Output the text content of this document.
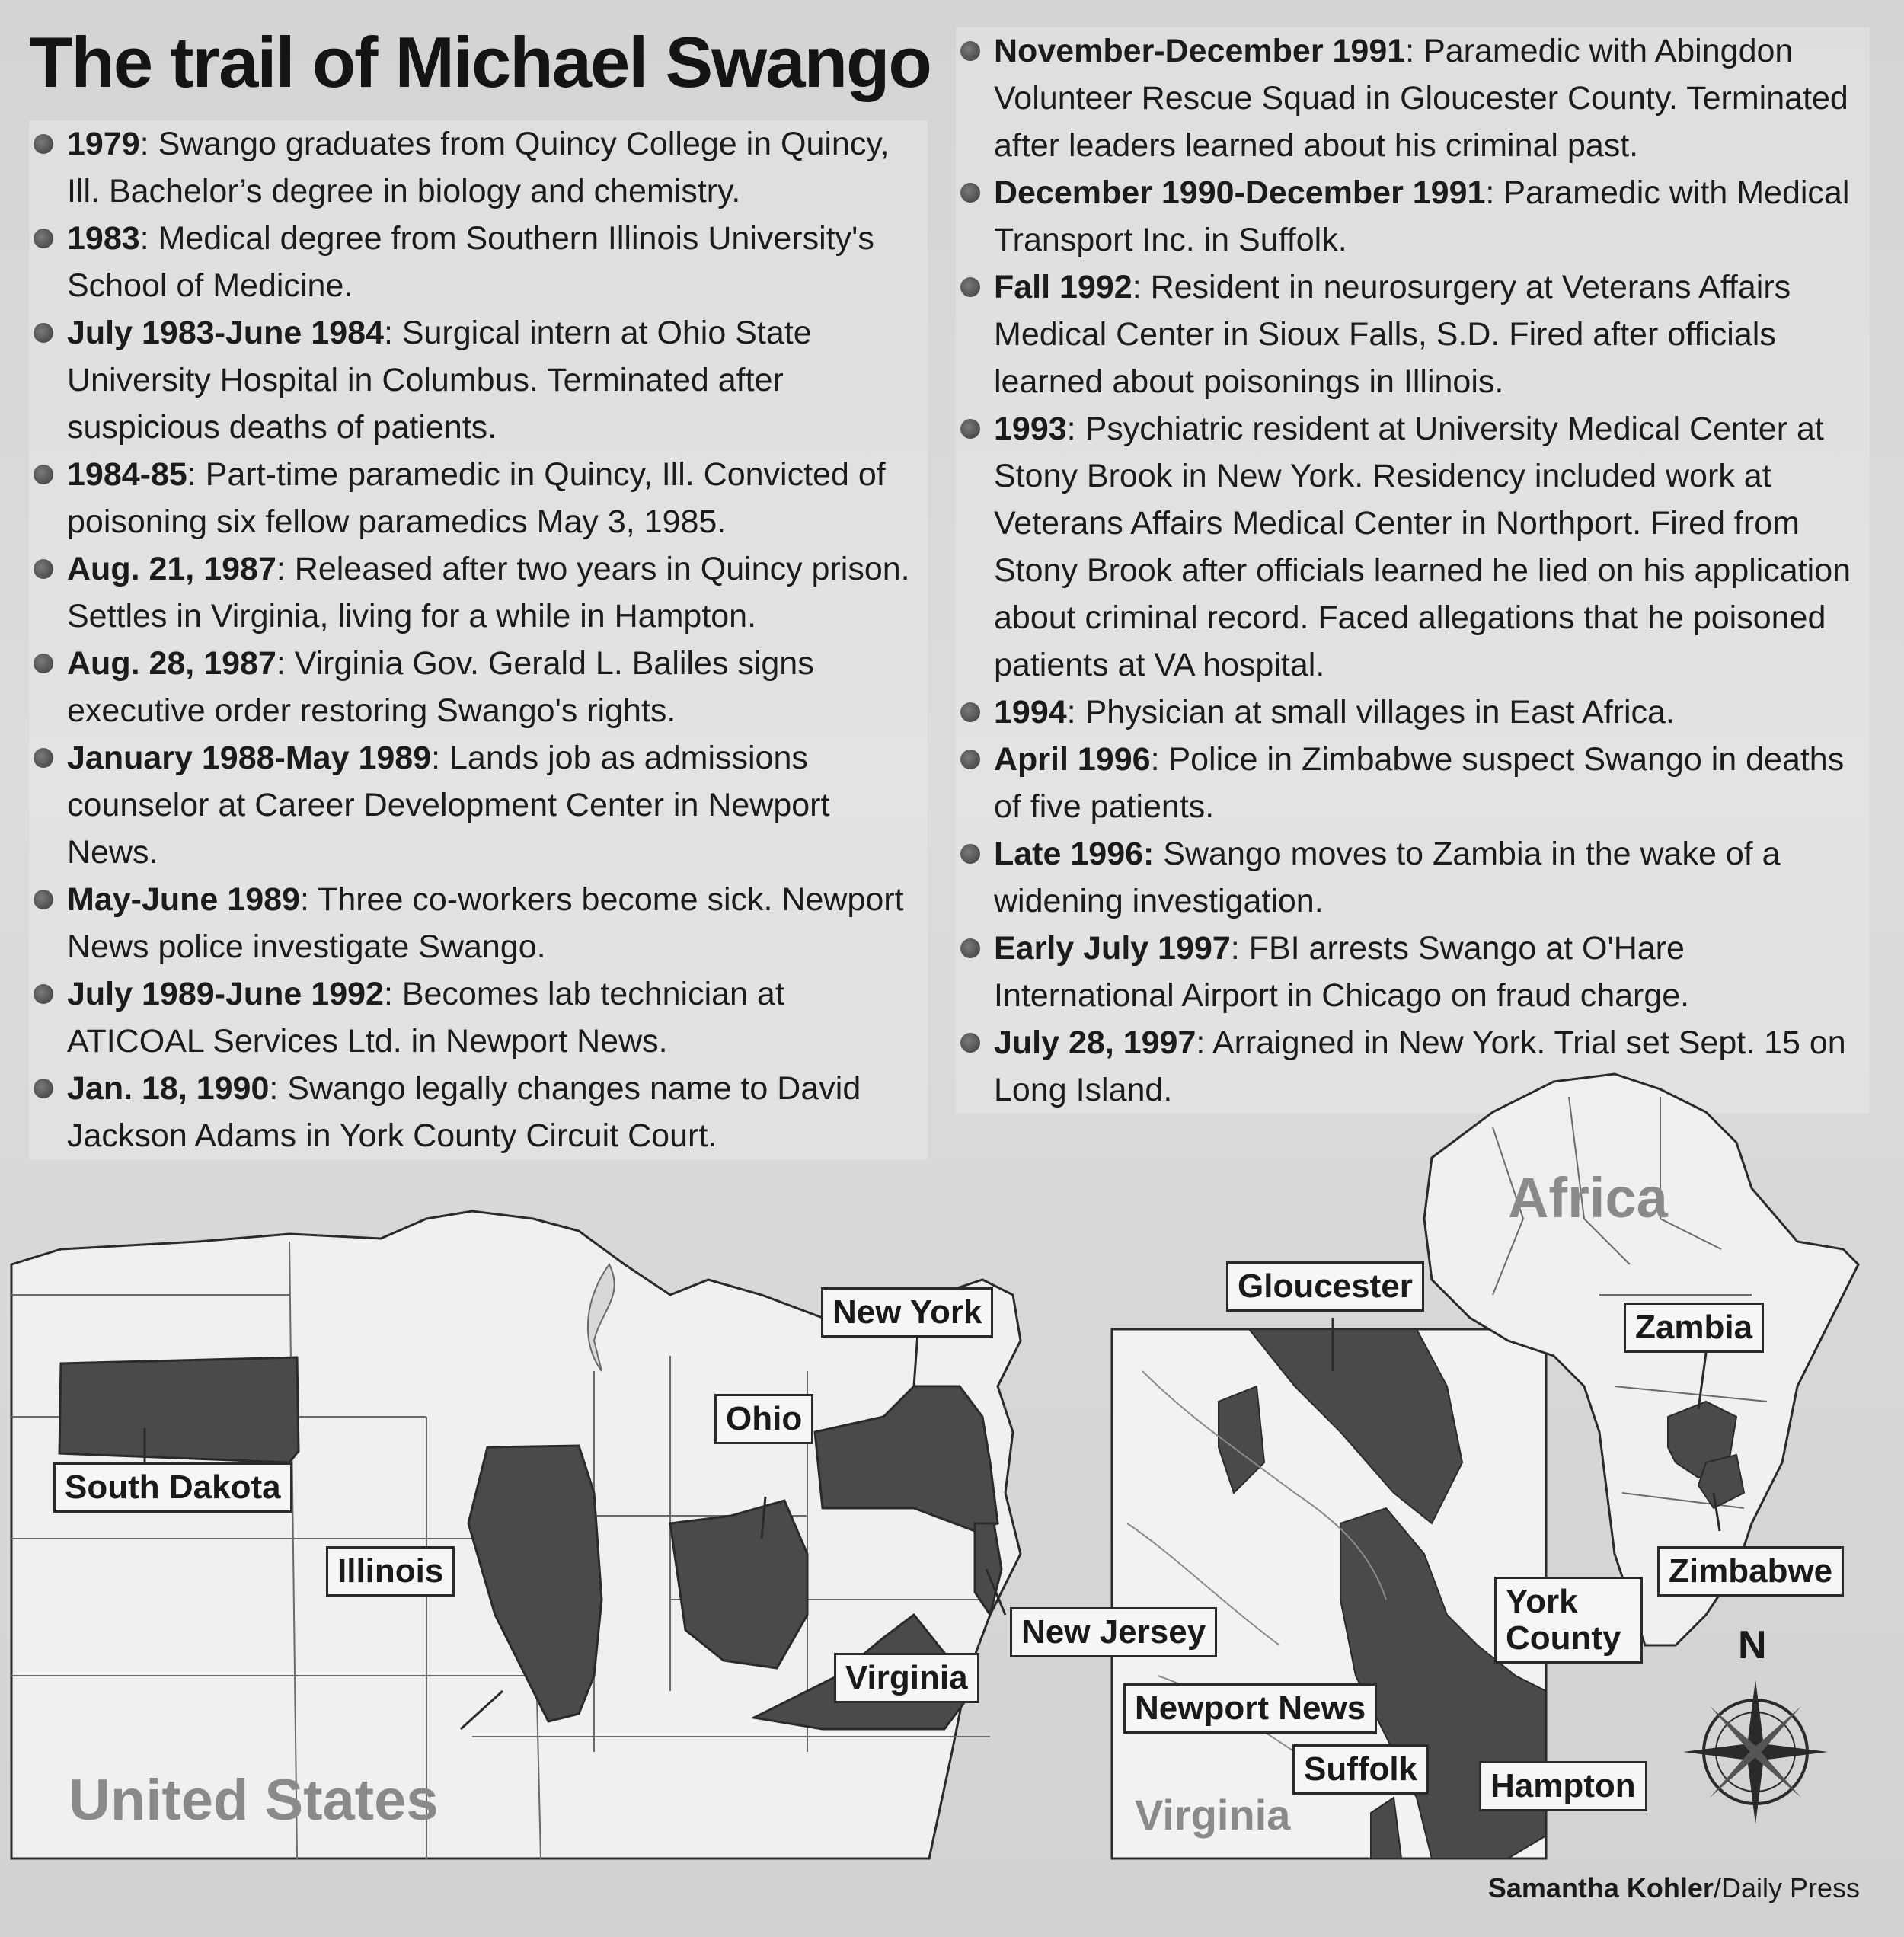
The trail of Michael Swango
1979: Swango graduates from Quincy College in Quincy, Ill. Bachelor’s degree in biology and chemistry.
1983: Medical degree from Southern Illinois University's School of Medicine.
July 1983-June 1984: Surgical intern at Ohio State University Hospital in Columbus. Terminated after suspicious deaths of patients.
1984-85: Part-time paramedic in Quincy, Ill. Convicted of poisoning six fellow paramedics May 3, 1985.
Aug. 21, 1987: Released after two years in Quincy prison. Settles in Virginia, living for a while in Hampton.
Aug. 28, 1987: Virginia Gov. Gerald L. Baliles signs executive order restoring Swango's rights.
January 1988-May 1989: Lands job as admissions counselor at Career Development Center in Newport News.
May-June 1989: Three co-workers become sick. Newport News police investigate Swango.
July 1989-June 1992: Becomes lab technician at ATICOAL Services Ltd. in Newport News.
Jan. 18, 1990: Swango legally changes name to David Jackson Adams in York County Circuit Court.
November-December 1991: Paramedic with Abingdon Volunteer Rescue Squad in Gloucester County. Terminated after leaders learned about his criminal past.
December 1990-December 1991: Paramedic with Medical Transport Inc. in Suffolk.
Fall 1992: Resident in neurosurgery at Veterans Affairs Medical Center in Sioux Falls, S.D. Fired after officials learned about poisonings in Illinois.
1993: Psychiatric resident at University Medical Center at Stony Brook in New York. Residency included work at Veterans Affairs Medical Center in Northport. Fired from Stony Brook after officials learned he lied on his application about criminal record. Faced allegations that he poisoned patients at VA hospital.
1994: Physician at small villages in East Africa.
April 1996: Police in Zimbabwe suspect Swango in deaths of five patients.
Late 1996: Swango moves to Zambia in the wake of a widening investigation.
Early July 1997: FBI arrests Swango at O'Hare International Airport in Chicago on fraud charge.
July 28, 1997: Arraigned in New York. Trial set Sept. 15 on Long Island.
United States	Virginia
Africa
South Dakota
Illinois
Ohio
New York
New Jersey
Virginia
Gloucester
York County
Newport News
Suffolk	Hampton
Zambia
Zimbabwe
N
Samantha Kohler/Daily Press
